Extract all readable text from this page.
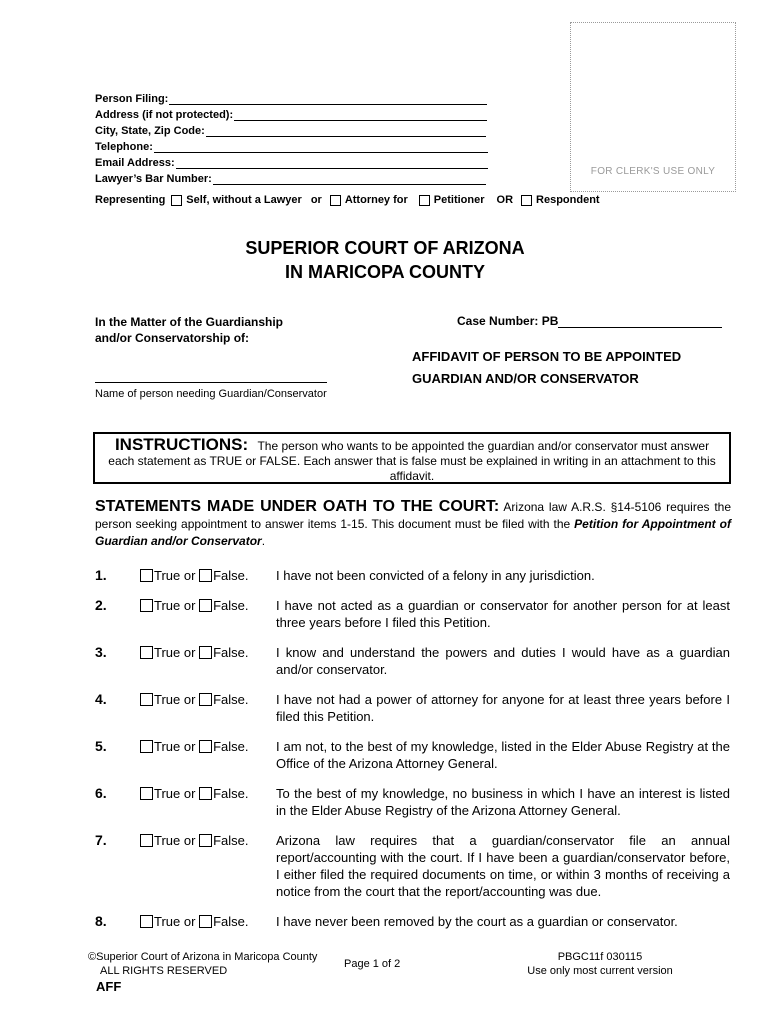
FOR CLERK'S USE ONLY
Person Filing:
Address (if not protected):
City, State, Zip Code:
Telephone:
Email Address:
Lawyer’s Bar Number:
Representing Self, without a Lawyer or Attorney for Petitioner OR Respondent
SUPERIOR COURT OF ARIZONA
IN MARICOPA COUNTY
In the Matter of the Guardianship
and/or Conservatorship of:
Case Number: PB
AFFIDAVIT OF PERSON TO BE APPOINTED
GUARDIAN AND/OR CONSERVATOR
Name of person needing Guardian/Conservator
INSTRUCTIONS: The person who wants to be appointed the guardian and/or conservator must answer
each statement as TRUE or FALSE. Each answer that is false must be explained in writing in an attachment to this affidavit.
STATEMENTS MADE UNDER OATH TO THE COURT: Arizona law A.R.S. §14-5106 requires the person seeking appointment to answer items 1-15. This document must be filed with the Petition for Appointment of Guardian and/or Conservator.
1.	True
or
False. I have not been convicted of a felony in any jurisdiction.
2.	True
or
False. I have not acted as a guardian or conservator for another person for at least three years before I filed this Petition.
3.	True
or
False. I know and understand the powers and duties I would have as a guardian and/or conservator.
4.	True
or
False. I have not had a power of attorney for anyone for at least three years before I filed this Petition.
5.	True
or
False. I am not, to the best of my knowledge, listed in the Elder Abuse Registry at the Office of the Arizona Attorney General.
6.	True
or
False. To the best of my knowledge, no business in which I have an interest is listed in the Elder Abuse Registry of the Arizona Attorney General.
7.	True
or
False. Arizona law requires that a guardian/conservator file an annual report/accounting with the court. If I have been a guardian/conservator before, I either filed the required documents on time, or within 3 months of receiving a notice from the court that the report/accounting was due.
8.	True
or
False. I have never been removed by the court as a guardian or conservator.
©Superior Court of Arizona in Maricopa County
ALL RIGHTS RESERVED
AFF
Page 1 of 2
PBGC11f 030115
Use only most current version
